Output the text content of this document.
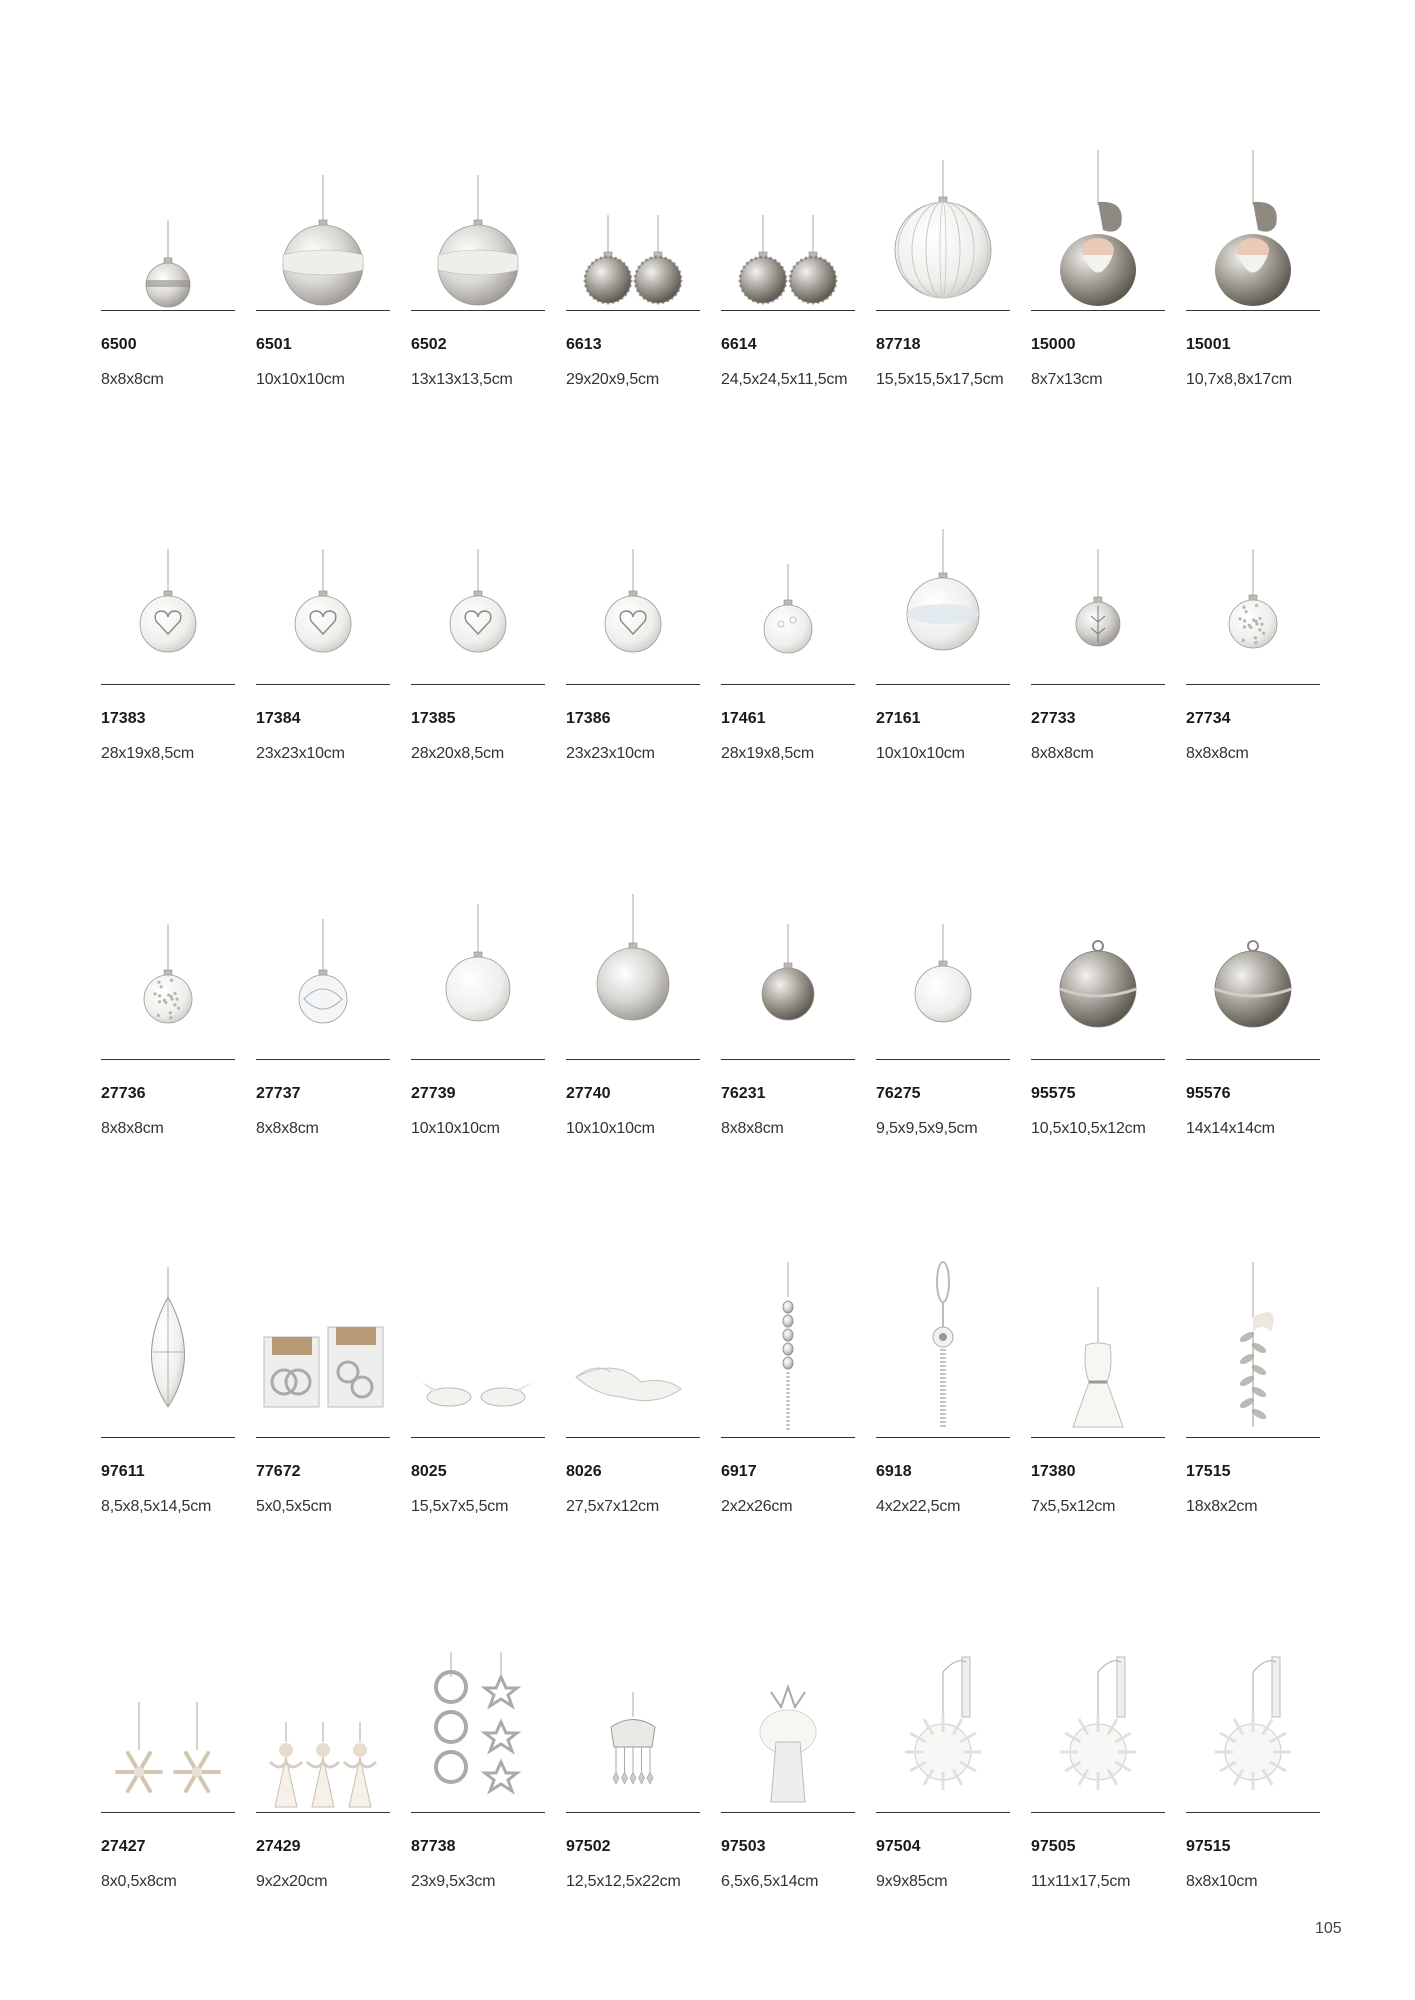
6500
8x8x8cm
6501
10x10x10cm
6502
13x13x13,5cm
6613
29x20x9,5cm
6614
24,5x24,5x11,5cm
87718
15,5x15,5x17,5cm
15000
8x7x13cm
15001
10,7x8,8x17cm
17383
28x19x8,5cm
17384
23x23x10cm
17385
28x20x8,5cm
17386
23x23x10cm
17461
28x19x8,5cm
27161
10x10x10cm
27733
8x8x8cm
27734
8x8x8cm
27736
8x8x8cm
27737
8x8x8cm
27739
10x10x10cm
27740
10x10x10cm
76231
8x8x8cm
76275
9,5x9,5x9,5cm
95575
10,5x10,5x12cm
95576
14x14x14cm
97611
8,5x8,5x14,5cm
77672
5x0,5x5cm
8025
15,5x7x5,5cm
8026
27,5x7x12cm
6917
2x2x26cm
6918
4x2x22,5cm
17380
7x5,5x12cm
17515
18x8x2cm
27427
8x0,5x8cm
27429
9x2x20cm
87738
23x9,5x3cm
97502
12,5x12,5x22cm
97503
6,5x6,5x14cm
97504
9x9x85cm
97505
11x11x17,5cm
97515
8x8x10cm
105
